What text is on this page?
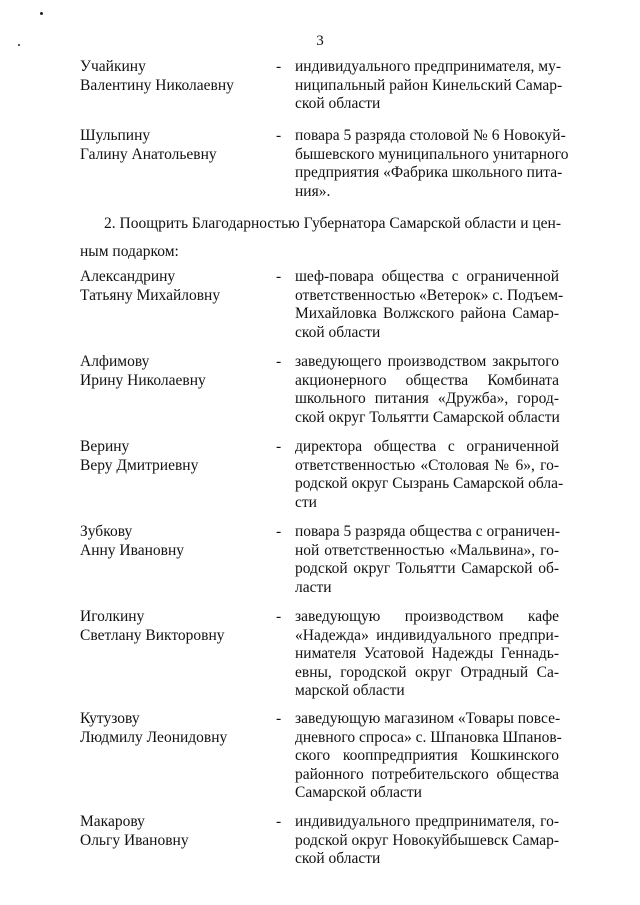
3
Учайкину
Валентину Николаевну
- индивидуального предпринимателя, му-
ниципальный район Кинельский Самар-
ской области
Шульпину
Галину Анатольевну
- повара 5 разряда столовой № 6 Новокуй-
бышевского муниципального унитарного
предприятия «Фабрика школьного пита-
ния».
2. Поощрить Благодарностью Губернатора Самарской области и цен-
ным подарком:
Александрину
Татьяну Михайловну
- шеф-повара общества с ограниченной
ответственностью «Ветерок» с. Подъем-
Михайловка Волжского района Самар-
ской области
Алфимову
Ирину Николаевну
- заведующего производством закрытого
акционерного общества Комбината
школьного питания «Дружба», город-
ской округ Тольятти Самарской области
Верину
Веру Дмитриевну
- директора общества с ограниченной
ответственностью «Столовая № 6», го-
родской округ Сызрань Самарской обла-
сти
Зубкову
Анну Ивановну
- повара 5 разряда общества с ограничен-
ной ответственностью «Мальвина», го-
родской округ Тольятти Самарской об-
ласти
Иголкину
Светлану Викторовну
- заведующую производством кафе
«Надежда» индивидуального предпри-
нимателя Усатовой Надежды Геннадь-
евны, городской округ Отрадный Са-
марской области
Кутузову
Людмилу Леонидовну
- заведующую магазином «Товары повсе-
дневного спроса» с. Шпановка Шпанов-
ского кооппредприятия Кошкинского
районного потребительского общества
Самарской области
Макарову
Ольгу Ивановну
- индивидуального предпринимателя, го-
родской округ Новокуйбышевск Самар-
ской области
